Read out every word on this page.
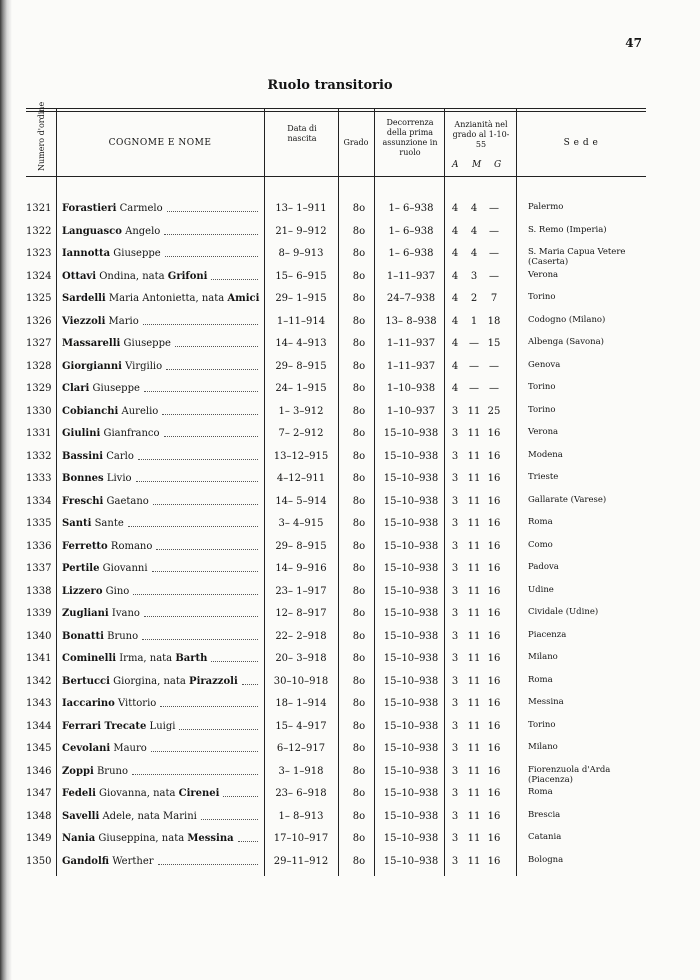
47
Ruolo transitorio
Numero d'ordine	COGNOME E NOME
Data di nascita	Grado
Decorrenza della prima assunzione in ruolo
Anzianità nel grado al 1-10-55
A M G
S e d e
1321 Forastieri Carmelo	13– 1–911	8o	1– 6–938	4	4	—	Palermo
1322 Languasco Angelo	21– 9–912	8o	1– 6–938	4	4	—	S. Remo (Imperia)
1323 Iannotta Giuseppe	8– 9–913	8o	1– 6–938	4	4	—	S. Maria Capua Vetere (Caserta)
1324 Ottavi Ondina, nata Grifoni	15– 6–915	8o	1–11–937	4	3	—	Verona
1325 Sardelli Maria Antonietta, nata Amici	29– 1–915	8o	24–7–938	4	2	7	Torino
1326 Viezzoli Mario	1–11–914	8o	13– 8–938	4	1	18	Codogno (Milano)
1327 Massarelli Giuseppe	14– 4–913	8o	1–11–937	4	— 15	Albenga (Savona)
1328 Giorgianni Virgilio	29– 8–915	8o	1–11–937	4	—	—	Genova
1329 Clari Giuseppe	24– 1–915	8o	1–10–938	4	—	—	Torino
1330 Cobianchi Aurelio	1– 3–912	8o	1–10–937	3 11 25	Torino
1331 Giulini Gianfranco	7– 2–912	8o	15–10–938	3 11 16	Verona
1332 Bassini Carlo	13–12–915	8o	15–10–938	3 11 16	Modena
1333 Bonnes Livio	4–12–911	8o	15–10–938	3 11 16	Trieste
1334 Freschi Gaetano	14– 5–914	8o	15–10–938	3 11 16	Gallarate (Varese)
1335 Santi Sante	3– 4–915	8o	15–10–938	3 11 16	Roma
1336 Ferretto Romano	29– 8–915	8o	15–10–938	3 11 16	Como
1337 Pertile Giovanni	14– 9–916	8o	15–10–938	3 11 16	Padova
1338 Lizzero Gino	23– 1–917	8o	15–10–938	3 11 16	Udine
1339 Zugliani Ivano	12– 8–917	8o	15–10–938	3 11 16	Cividale (Udine)
1340 Bonatti Bruno	22– 2–918	8o	15–10–938	3 11 16	Piacenza
1341 Cominelli Irma, nata Barth	20– 3–918	8o	15–10–938	3 11 16	Milano
1342 Bertucci Giorgina, nata Pirazzoli	30–10–918	8o	15–10–938	3 11 16	Roma
1343 Iaccarino Vittorio	18– 1–914	8o	15–10–938	3 11 16	Messina
1344 Ferrari Trecate Luigi	15– 4–917	8o	15–10–938	3 11 16	Torino
1345 Cevolani Mauro	6–12–917	8o	15–10–938	3 11 16	Milano
1346 Zoppi Bruno	3– 1–918	8o	15–10–938	3 11 16	Fiorenzuola d'Arda (Piacenza)
1347 Fedeli Giovanna, nata Cirenei	23– 6–918	8o	15–10–938	3 11 16	Roma
1348 Savelli Adele, nata Marini	1– 8–913	8o	15–10–938	3 11 16	Brescia
1349 Nania Giuseppina, nata Messina	17–10–917	8o	15–10–938	3 11 16	Catania
1350 Gandolfi Werther	29–11–912	8o	15–10–938	3 11 16	Bologna
